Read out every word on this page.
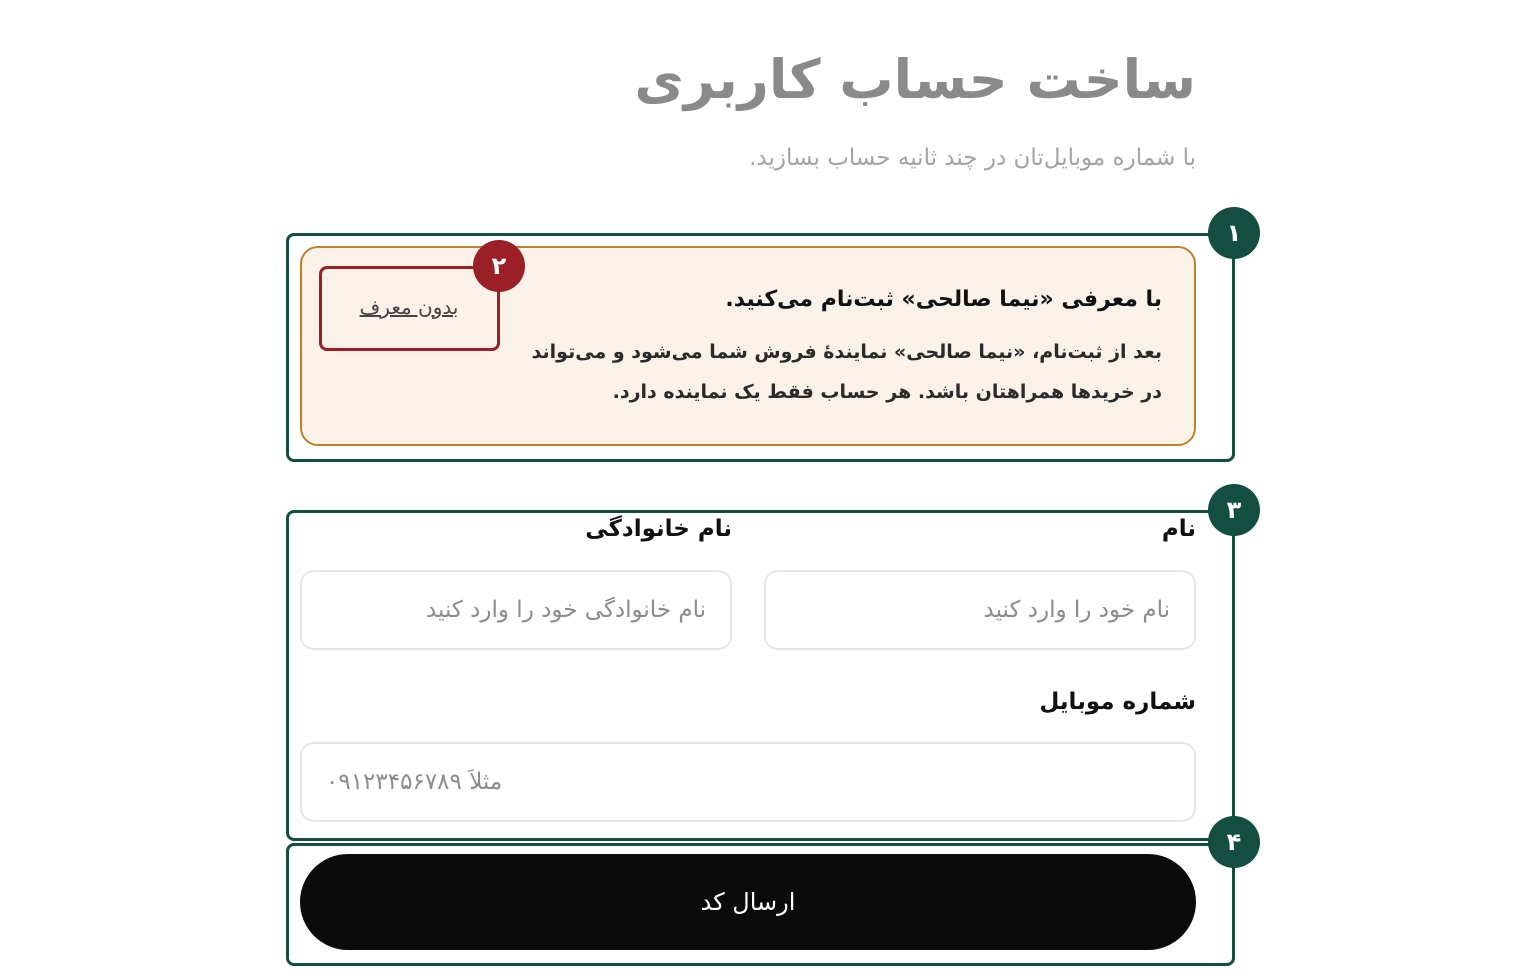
ساخت حساب کاربری
با شماره موبایل‌تان در چند ثانیه حساب بسازید.
با معرفی «نیما صالحی» ثبت‌نام می‌کنید.
بعد از ثبت‌نام، «نیما صالحی» نمایندهٔ فروش شما می‌شود و می‌تواند
در خریدها همراهتان باشد. هر حساب فقط یک نماینده دارد.
بدون معرف
نام
نام خود را وارد کنید
نام خانوادگی
نام خانوادگی خود را وارد کنید
شماره موبایل
مثلاً ۰۹۱۲۳۴۵۶۷۸۹
ارسال کد
۱
۲
۳
۴
